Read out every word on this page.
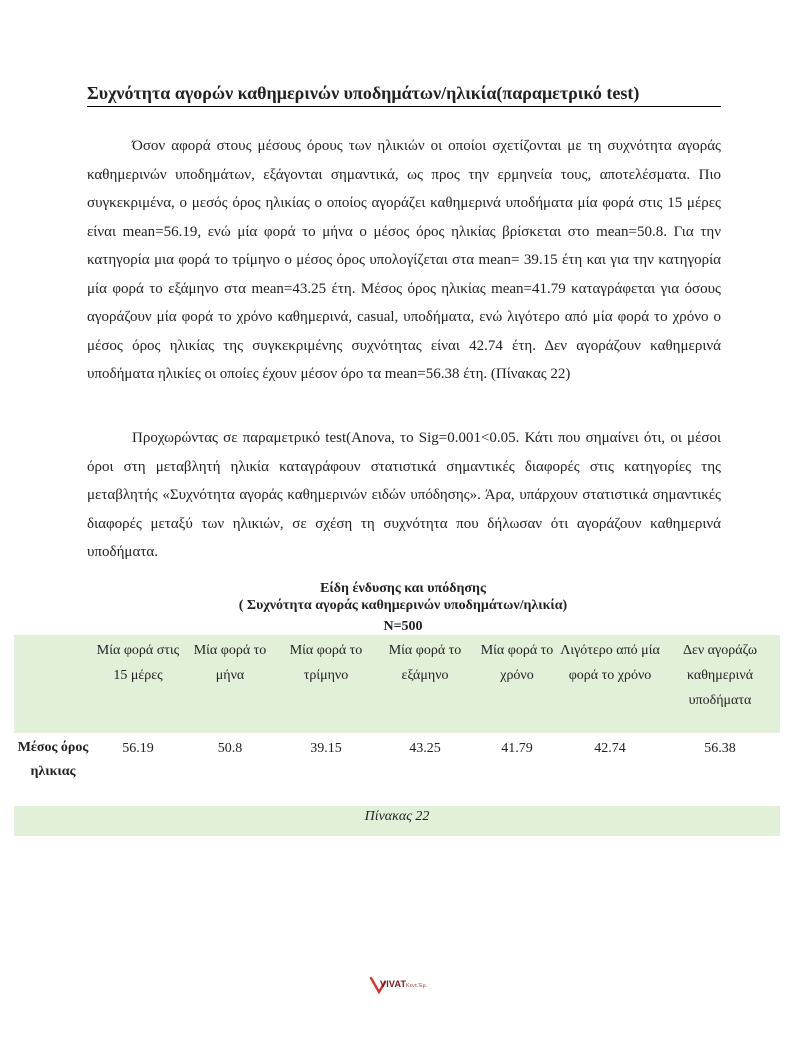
Συχνότητα αγορών καθημερινών υποδημάτων/ηλικία(παραμετρικό test)

Όσον αφορά στους μέσους όρους των ηλικιών οι οποίοι σχετίζονται με τη συχνότητα αγοράς καθημερινών υποδημάτων, εξάγονται σημαντικά, ως προς την ερμηνεία τους, αποτελέσματα. Πιο συγκεκριμένα, ο μεσός όρος ηλικίας ο οποίος αγοράζει καθημερινά υποδήματα μία φορά στις 15 μέρες είναι mean=56.19, ενώ μία φορά το μήνα ο μέσος όρος ηλικίας βρίσκεται στο mean=50.8. Για την κατηγορία μια φορά το τρίμηνο ο μέσος όρος υπολογίζεται στα mean= 39.15 έτη και για την κατηγορία μία φορά το εξάμηνο στα mean=43.25 έτη. Μέσος όρος ηλικίας mean=41.79 καταγράφεται για όσους αγοράζουν μία φορά το χρόνο καθημερινά, casual, υποδήματα, ενώ λιγότερο από μία φορά το χρόνο ο μέσος όρος ηλικίας της συγκεκριμένης συχνότητας είναι 42.74 έτη. Δεν αγοράζουν καθημερινά υποδήματα ηλικίες οι οποίες έχουν μέσον όρο τα mean=56.38 έτη. (Πίνακας 22)

Προχωρώντας σε παραμετρικό test(Anova, το Sig=0.001<0.05. Κάτι που σημαίνει ότι, οι μέσοι όροι στη μεταβλητή ηλικία καταγράφουν στατιστικά σημαντικές διαφορές στις κατηγορίες της μεταβλητής «Συχνότητα αγοράς καθημερινών ειδών υπόδησης». Άρα, υπάρχουν στατιστικά σημαντικές διαφορές μεταξύ των ηλικιών, σε σχέση τη συχνότητα που δήλωσαν ότι αγοράζουν καθημερινά υποδήματα.

Είδη ένδυσης και υπόδησης
( Συχνότητα αγοράς καθημερινών υποδημάτων/ηλικία)
N=500
	Μία φορά στις 15 μέρες	Μία φορά το μήνα	Μία φορά το τρίμηνο	Μία φορά το εξάμηνο	Μία φορά το χρόνο	Λιγότερο από μία φορά το χρόνο	Δεν αγοράζω καθημερινά υποδήματα
Μέσος όρος ηλικιας	56.19	50.8	39.15	43.25	41.79	42.74	56.38
Πίνακας 22							
VIVATΚεντ.Έρ.
